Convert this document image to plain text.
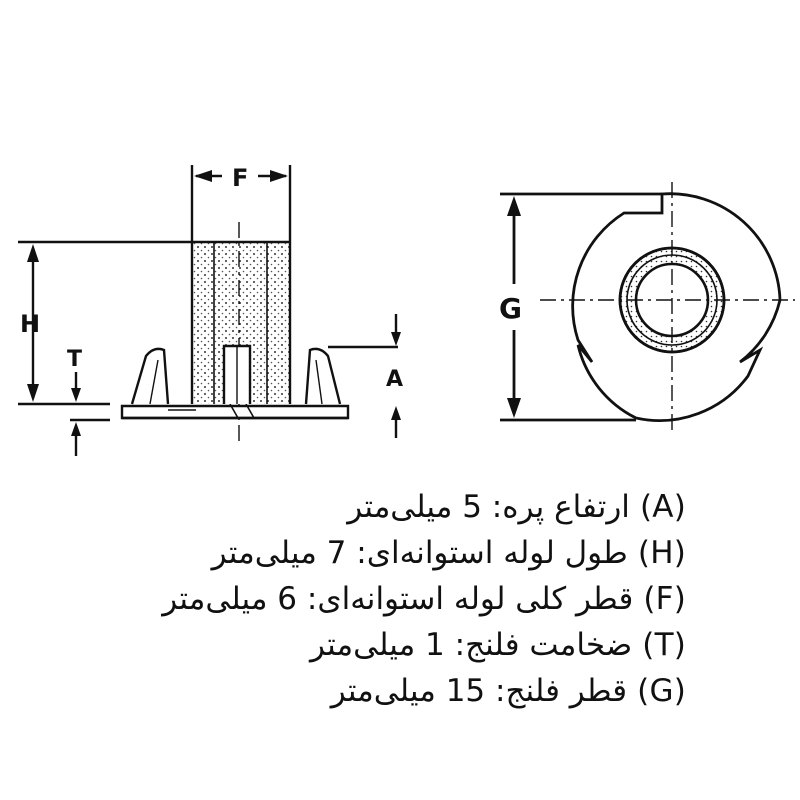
F
H
T
A
G
(A) ارتفاع پره: 5 میلی‌متر
(H) طول لوله استوانه‌ای: 7 میلی‌متر
(F) قطر کلی لوله استوانه‌ای: 6 میلی‌متر
(T) ضخامت فلنج: 1 میلی‌متر
(G) قطر فلنج: 15 میلی‌متر
